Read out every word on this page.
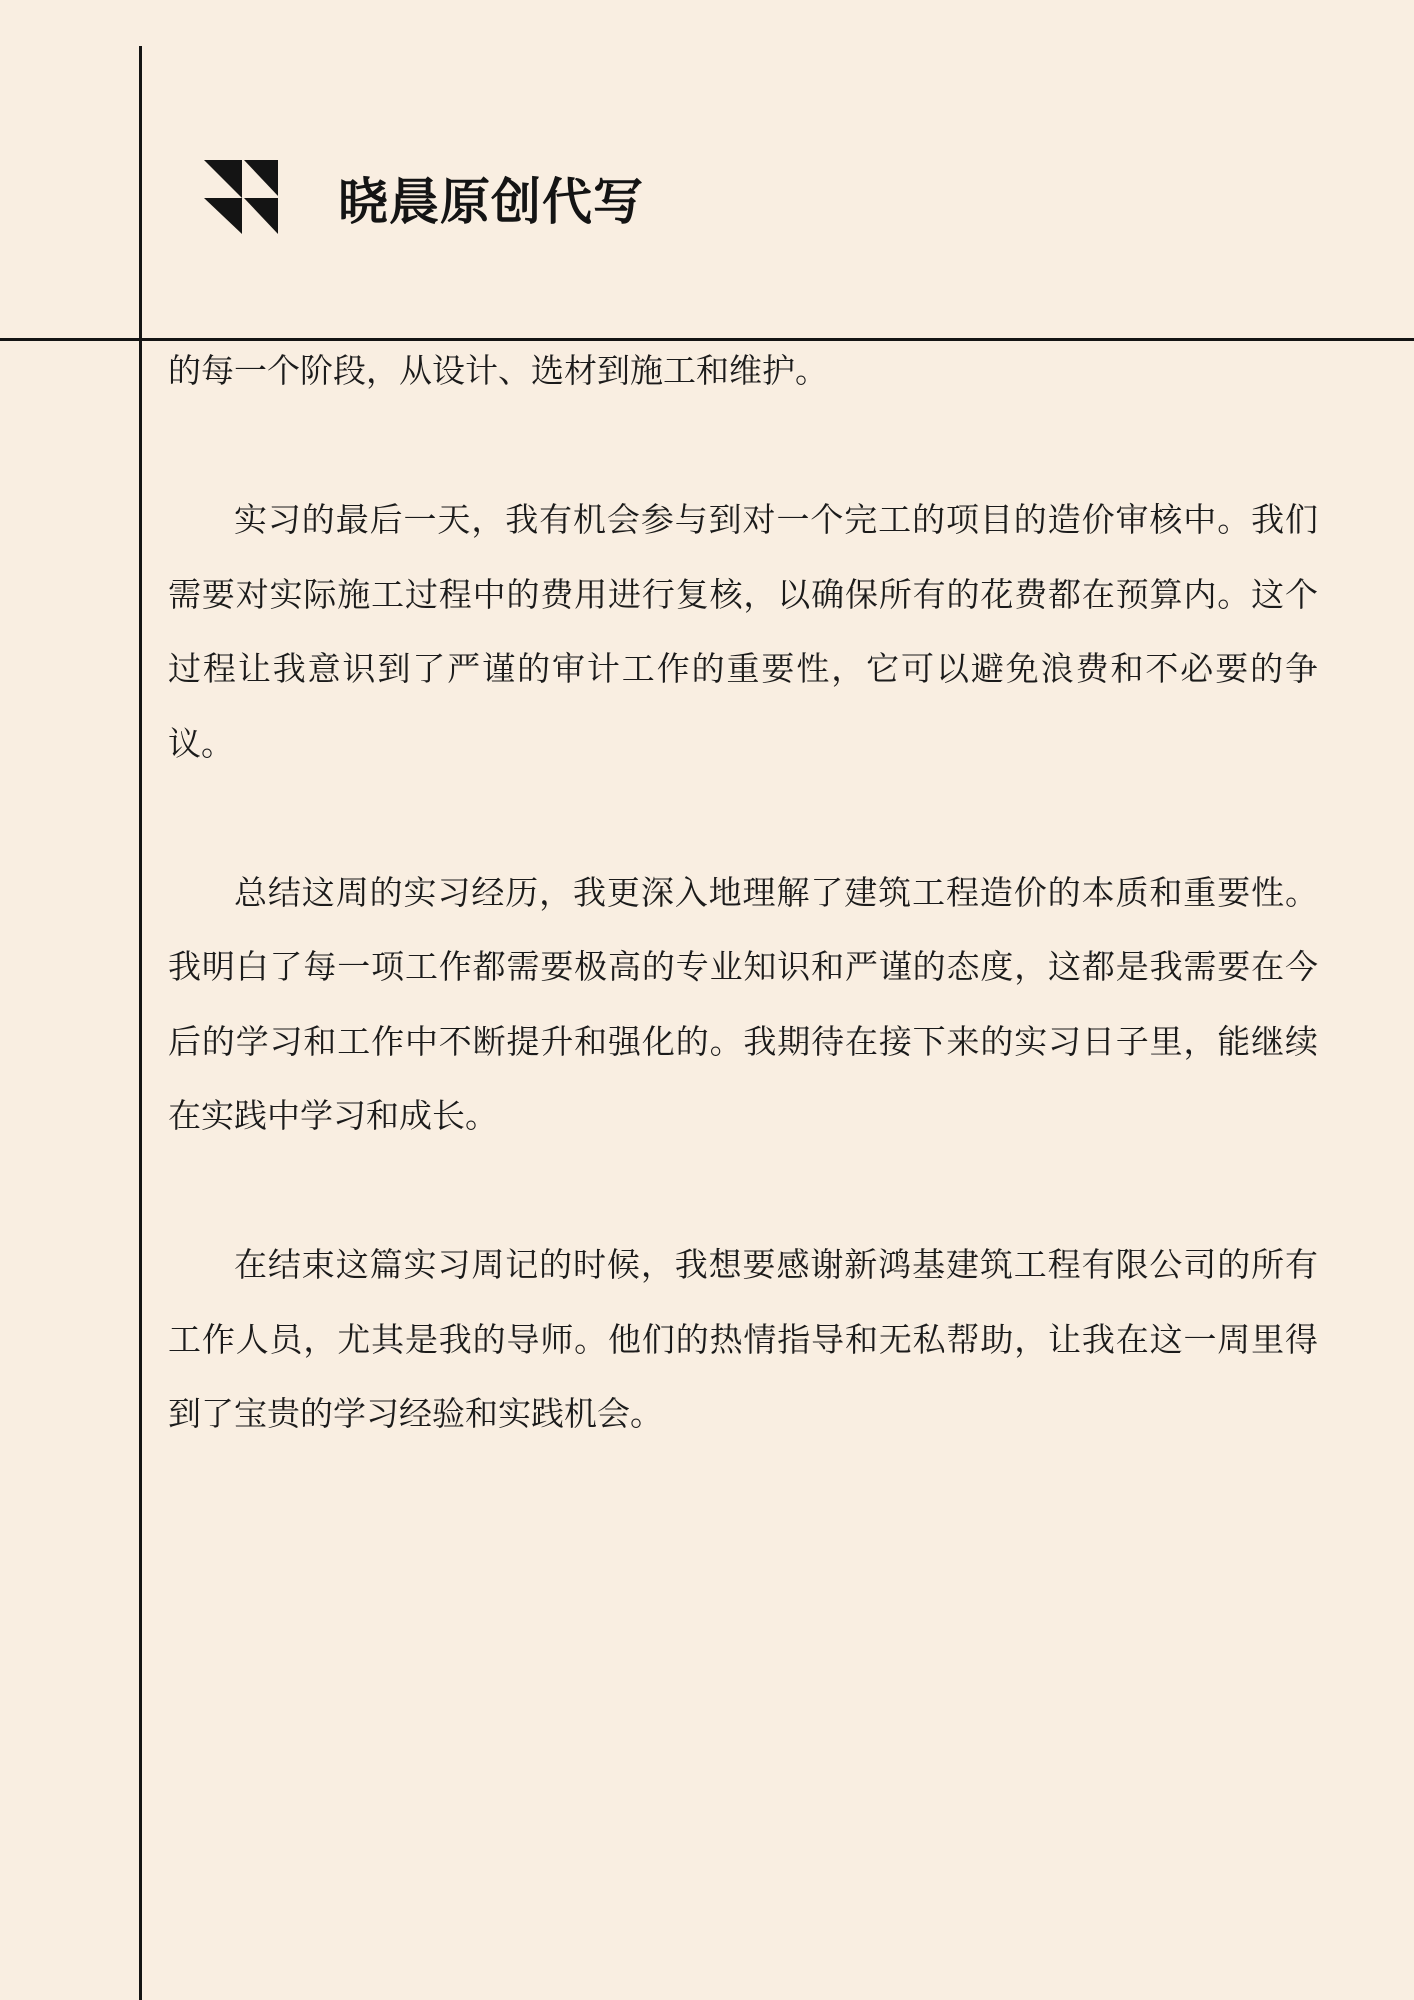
晓晨原创代写

的每一个阶段，从设计、选材到施工和维护。

实习的最后一天，我有机会参与到对一个完工的项目的造价审核中。我们需要对实际施工过程中的费用进行复核，以确保所有的花费都在预算内。这个过程让我意识到了严谨的审计工作的重要性，它可以避免浪费和不必要的争议。

总结这周的实习经历，我更深入地理解了建筑工程造价的本质和重要性。我明白了每一项工作都需要极高的专业知识和严谨的态度，这都是我需要在今后的学习和工作中不断提升和强化的。我期待在接下来的实习日子里，能继续在实践中学习和成长。

在结束这篇实习周记的时候，我想要感谢新鸿基建筑工程有限公司的所有工作人员，尤其是我的导师。他们的热情指导和无私帮助，让我在这一周里得到了宝贵的学习经验和实践机会。
